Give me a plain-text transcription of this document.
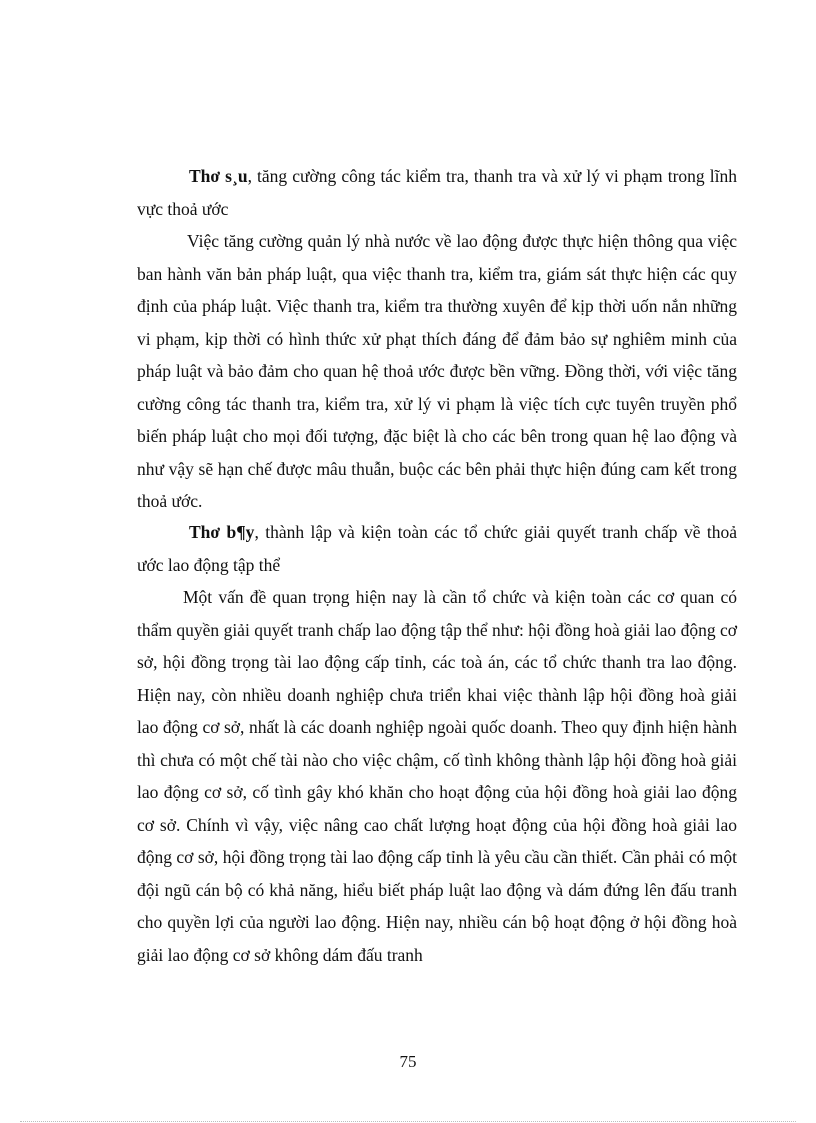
Thơ s¸u, tăng cường công tác kiểm tra, thanh tra và xử lý vi phạm trong lĩnh vực thoả ước

Việc tăng cường quản lý nhà nước về lao động được thực hiện thông qua việc ban hành văn bản pháp luật, qua việc thanh tra, kiểm tra, giám sát thực hiện các quy định của pháp luật. Việc thanh tra, kiểm tra thường xuyên để kịp thời uốn nắn những vi phạm, kịp thời có hình thức xử phạt thích đáng để đảm bảo sự nghiêm minh của pháp luật và bảo đảm cho quan hệ thoả ước được bền vững. Đồng thời, với việc tăng cường công tác thanh tra, kiểm tra, xử lý vi phạm là việc tích cực tuyên truyền phổ biến pháp luật cho mọi đối tượng, đặc biệt là cho các bên trong quan hệ lao động và như vậy sẽ hạn chế được mâu thuẫn, buộc các bên phải thực hiện đúng cam kết trong thoả ước.

Thơ b¶y, thành lập và kiện toàn các tổ chức giải quyết tranh chấp về thoả ước lao động tập thể

Một vấn đề quan trọng hiện nay là cần tổ chức và kiện toàn các cơ quan có thẩm quyền giải quyết tranh chấp lao động tập thể như: hội đồng hoà giải lao động cơ sở, hội đồng trọng tài lao động cấp tỉnh, các toà án, các tổ chức thanh tra lao động. Hiện nay, còn nhiều doanh nghiệp chưa triển khai việc thành lập hội đồng hoà giải lao động cơ sở, nhất là các doanh nghiệp ngoài quốc doanh. Theo quy định hiện hành thì chưa có một chế tài nào cho việc chậm, cố tình không thành lập hội đồng hoà giải lao động cơ sở, cố tình gây khó khăn cho hoạt động của hội đồng hoà giải lao động cơ sở. Chính vì vậy, việc nâng cao chất lượng hoạt động của hội đồng hoà giải lao động cơ sở, hội đồng trọng tài lao động cấp tỉnh là yêu cầu cần thiết. Cần phải có một đội ngũ cán bộ có khả năng, hiểu biết pháp luật lao động và dám đứng lên đấu tranh cho quyền lợi của người lao động. Hiện nay, nhiều cán bộ hoạt động ở hội đồng hoà giải lao động cơ sở không dám đấu tranh

75
